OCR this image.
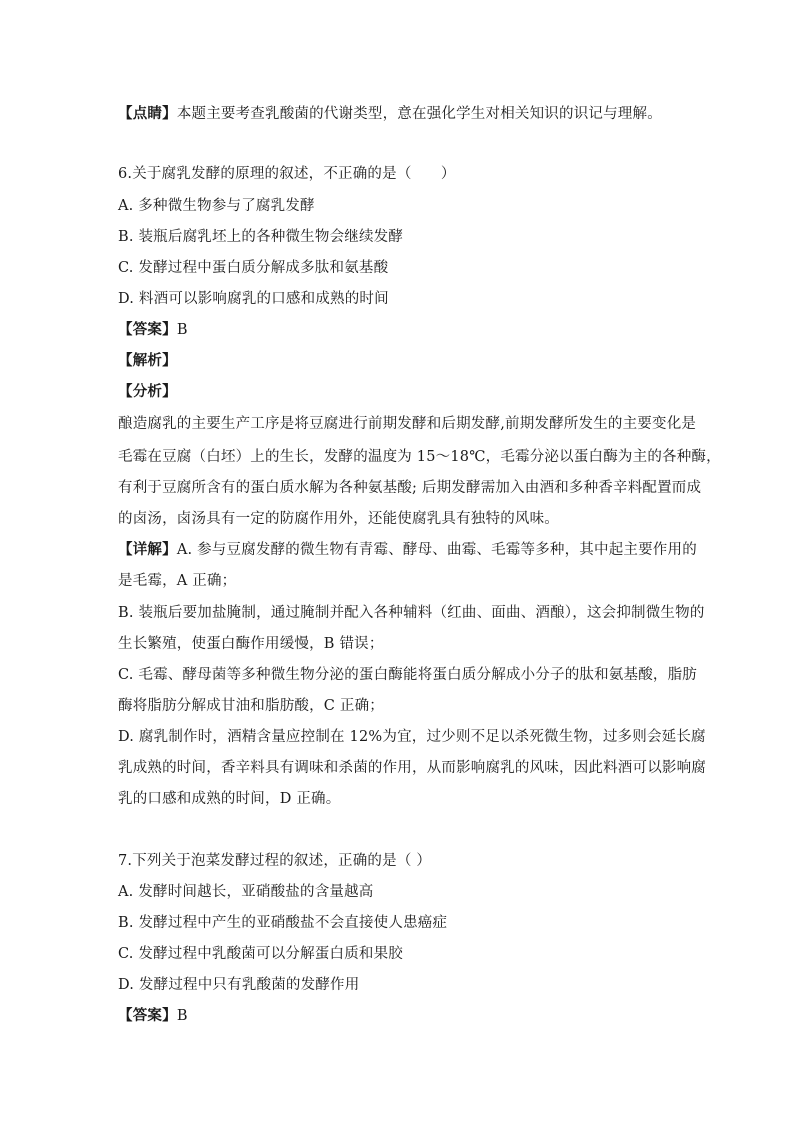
【点睛】本题主要考查乳酸菌的代谢类型，意在强化学生对相关知识的识记与理解。
6.关于腐乳发酵的原理的叙述，不正确的是（　　）
A. 多种微生物参与了腐乳发酵
B. 装瓶后腐乳坯上的各种微生物会继续发酵
C. 发酵过程中蛋白质分解成多肽和氨基酸
D. 料酒可以影响腐乳的口感和成熟的时间
【答案】B
【解析】
【分析】
酿造腐乳的主要生产工序是将豆腐进行前期发酵和后期发酵,前期发酵所发生的主要变化是
毛霉在豆腐（白坯）上的生长，发酵的温度为 15～18℃，毛霉分泌以蛋白酶为主的各种酶，
有利于豆腐所含有的蛋白质水解为各种氨基酸; 后期发酵需加入由酒和多种香辛料配置而成
的卤汤，卤汤具有一定的防腐作用外，还能使腐乳具有独特的风味。
【详解】A. 参与豆腐发酵的微生物有青霉、酵母、曲霉、毛霉等多种，其中起主要作用的
是毛霉，A 正确；
B. 装瓶后要加盐腌制，通过腌制并配入各种辅料（红曲、面曲、酒酿），这会抑制微生物的
生长繁殖，使蛋白酶作用缓慢，B 错误；
C. 毛霉、酵母菌等多种微生物分泌的蛋白酶能将蛋白质分解成小分子的肽和氨基酸，脂肪
酶将脂肪分解成甘油和脂肪酸，C 正确；
D. 腐乳制作时，酒精含量应控制在 12%为宜，过少则不足以杀死微生物，过多则会延长腐
乳成熟的时间，香辛料具有调味和杀菌的作用，从而影响腐乳的风味，因此料酒可以影响腐
乳的口感和成熟的时间，D 正确。
7.下列关于泡菜发酵过程的叙述，正确的是（ ）
A. 发酵时间越长，亚硝酸盐的含量越高
B. 发酵过程中产生的亚硝酸盐不会直接使人患癌症
C. 发酵过程中乳酸菌可以分解蛋白质和果胶
D. 发酵过程中只有乳酸菌的发酵作用
【答案】B
